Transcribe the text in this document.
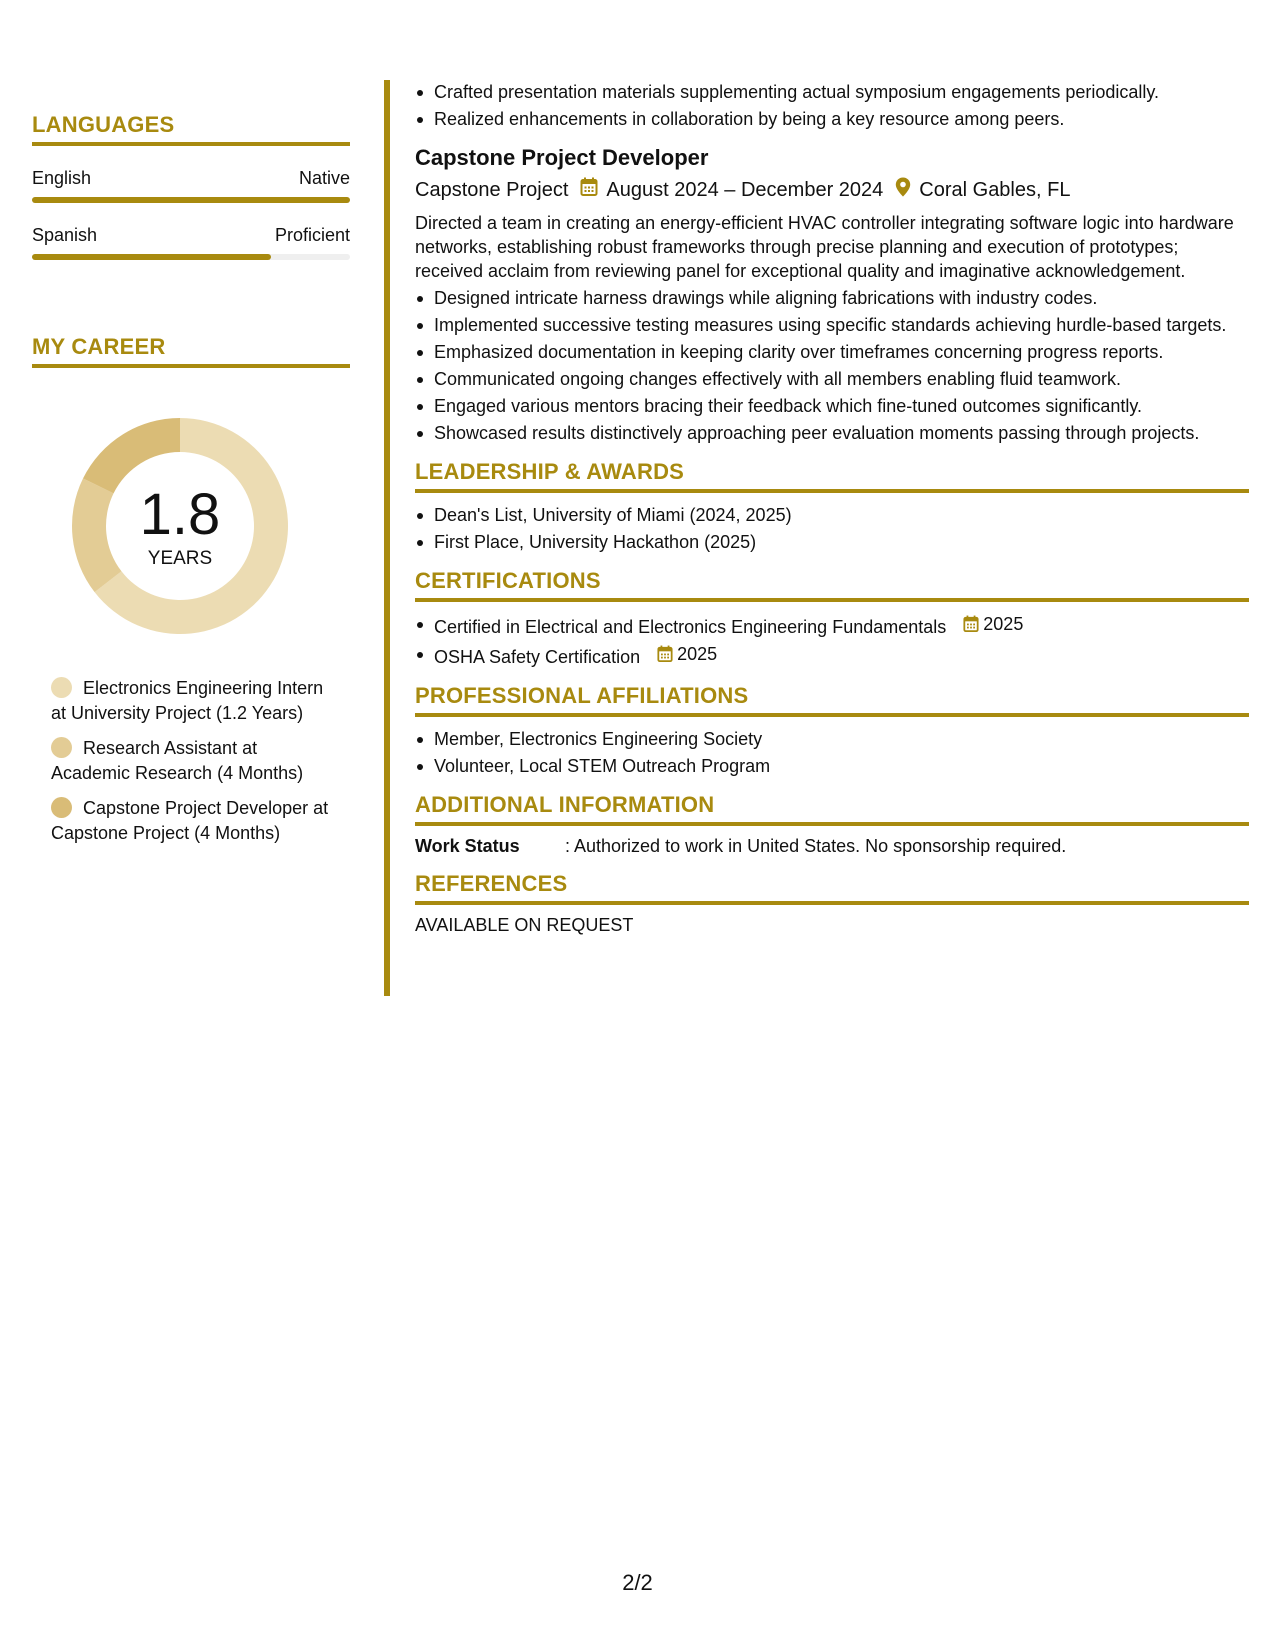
LANGUAGES
English	Native
Spanish	Proficient
MY CAREER
1.8
YEARS
Electronics Engineering Intern at University Project (1.2 Years)
Research Assistant at Academic Research (4 Months)
Capstone Project Developer at Capstone Project (4 Months)
Crafted presentation materials supplementing actual symposium engagements periodically.
Realized enhancements in collaboration by being a key resource among peers.
Capstone Project Developer
Capstone Project August 2024 – December 2024 Coral Gables, FL
Directed a team in creating an energy-efficient HVAC controller integrating software logic into hardware networks, establishing robust frameworks through precise planning and execution of prototypes; received acclaim from reviewing panel for exceptional quality and imaginative acknowledgement.
Designed intricate harness drawings while aligning fabrications with industry codes.
Implemented successive testing measures using specific standards achieving hurdle-based targets.
Emphasized documentation in keeping clarity over timeframes concerning progress reports.
Communicated ongoing changes effectively with all members enabling fluid teamwork.
Engaged various mentors bracing their feedback which fine-tuned outcomes significantly.
Showcased results distinctively approaching peer evaluation moments passing through projects.
LEADERSHIP & AWARDS
Dean's List, University of Miami (2024, 2025)
First Place, University Hackathon (2025)
CERTIFICATIONS
Certified in Electrical and Electronics Engineering Fundamentals 2025
OSHA Safety Certification 2025
PROFESSIONAL AFFILIATIONS
Member, Electronics Engineering Society
Volunteer, Local STEM Outreach Program
ADDITIONAL INFORMATION
Work Status	: Authorized to work in United States. No sponsorship required.
REFERENCES
AVAILABLE ON REQUEST
2/2
